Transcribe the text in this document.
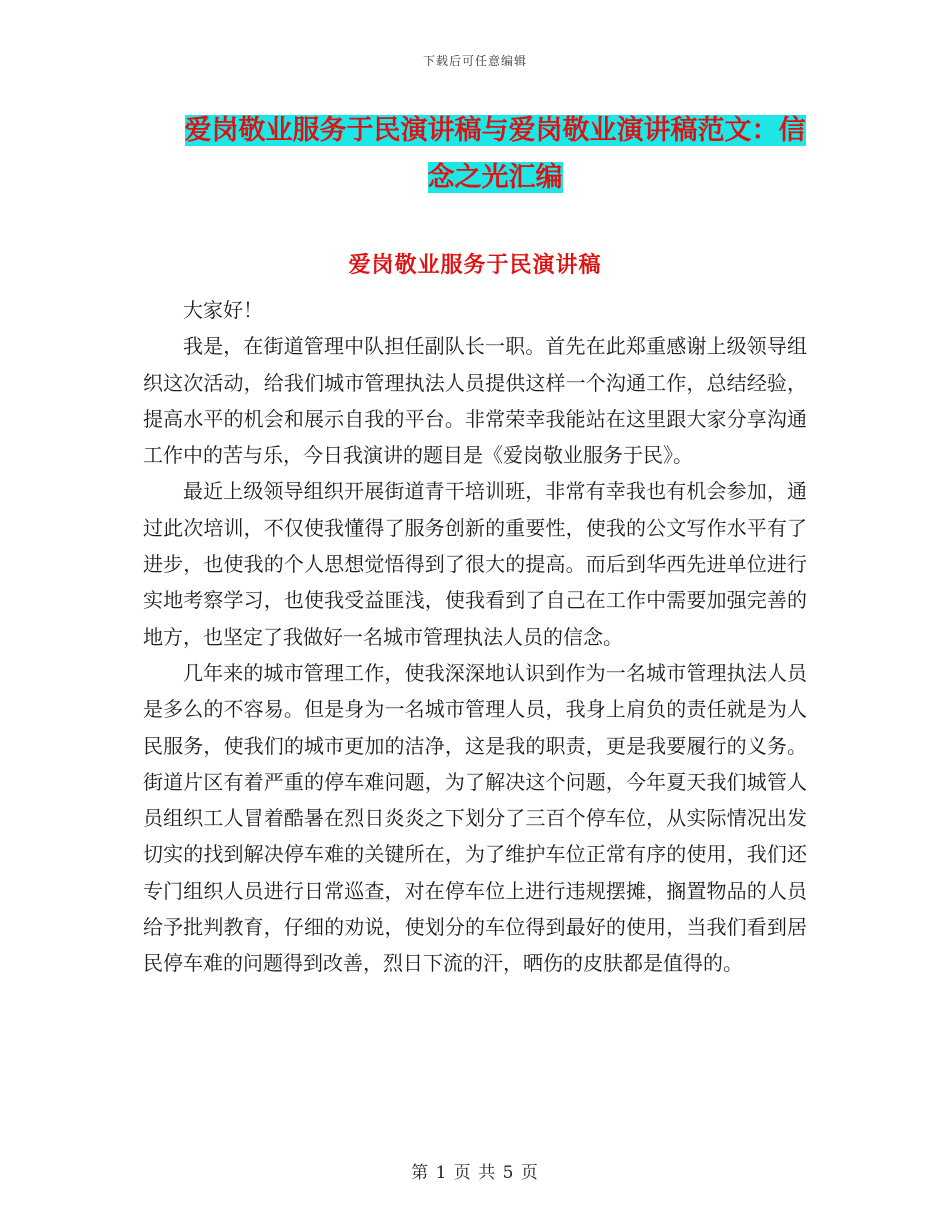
下载后可任意编辑
爱岗敬业服务于民演讲稿与爱岗敬业演讲稿范文：信念之光汇编
爱岗敬业服务于民演讲稿

大家好！

我是，在街道管理中队担任副队长一职。首先在此郑重感谢上级领导组织这次活动，给我们城市管理执法人员提供这样一个沟通工作，总结经验，提高水平的机会和展示自我的平台。非常荣幸我能站在这里跟大家分享沟通工作中的苦与乐，今日我演讲的题目是《爱岗敬业服务于民》。

最近上级领导组织开展街道青干培训班，非常有幸我也有机会参加，通过此次培训，不仅使我懂得了服务创新的重要性，使我的公文写作水平有了进步，也使我的个人思想觉悟得到了很大的提高。而后到华西先进单位进行实地考察学习，也使我受益匪浅，使我看到了自己在工作中需要加强完善的地方，也坚定了我做好一名城市管理执法人员的信念。

几年来的城市管理工作，使我深深地认识到作为一名城市管理执法人员是多么的不容易。但是身为一名城市管理人员，我身上肩负的责任就是为人民服务，使我们的城市更加的洁净，这是我的职责，更是我要履行的义务。街道片区有着严重的停车难问题，为了解决这个问题，今年夏天我们城管人员组织工人冒着酷暑在烈日炎炎之下划分了三百个停车位，从实际情况出发切实的找到解决停车难的关键所在，为了维护车位正常有序的使用，我们还专门组织人员进行日常巡查，对在停车位上进行违规摆摊，搁置物品的人员给予批判教育，仔细的劝说，使划分的车位得到最好的使用，当我们看到居民停车难的问题得到改善，烈日下流的汗，晒伤的皮肤都是值得的。

第 1 页 共 5 页
